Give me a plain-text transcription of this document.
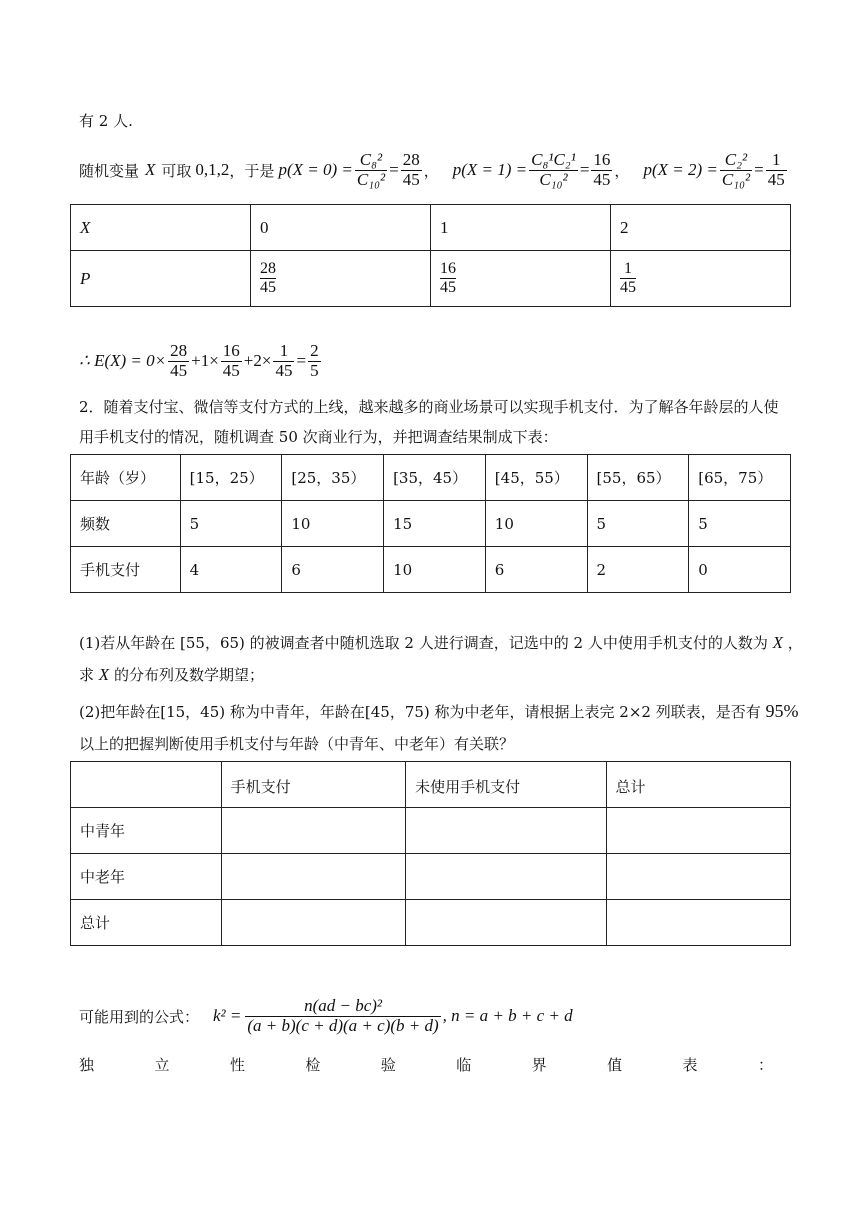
有 2 人.
随机变量 X 可取 0,1,2 ，于是 $p(X = 0) = \frac{\text{C₈²}}{\text{C₁₀²}} = \frac{28}{45}$ ， $p(X = 1) = \frac{\text{C₈¹C₂¹}}{\text{C₁₀²}} = \frac{16}{45}$ ， $p(X = 2) = \frac{\text{C₂²}}{\text{C₁₀²}} = \frac{1}{45}$
X	0	1	2
P	$\frac{28}{45}$	$\frac{16}{45}$	$\frac{1}{45}$
∴ $E(X) = 0\times \frac{28}{45} +1\times \frac{16}{45} +2\times \frac{1}{45} = \frac{2}{5}$
2．随着支付宝、微信等支付方式的上线，越来越多的商业场景可以实现手机支付．为了解各年龄层的人使
用手机支付的情况，随机调查 50 次商业行为，并把调查结果制成下表：
年龄（岁）	[15，25）	[25，35）	[35，45）	[45，55）	[55，65）	[65，75）
频数	5	10	15	10	5	5
手机支付	4	6	10	6	2	0
(1)若从年龄在 [55，65) 的被调查者中随机选取 2 人进行调查，记选中的 2 人中使用手机支付的人数为 X ，
求 X 的分布列及数学期望；
(2)把年龄在[15，45) 称为中青年，年龄在[45，75) 称为中老年，请根据上表完 2×2 列联表，是否有 95%
以上的把握判断使用手机支付与年龄（中青年、中老年）有关联？
	手机支付	未使用手机支付	总计
中青年			
中老年			
总计			
可能用到的公式： $k^2 = \frac{\text{n(ad − bc)²}}{(a + b)(c + d)(a + c)(b + d)}$ , n = a + b + c + d
独	立	性	检	验	临	界	值	表	：
